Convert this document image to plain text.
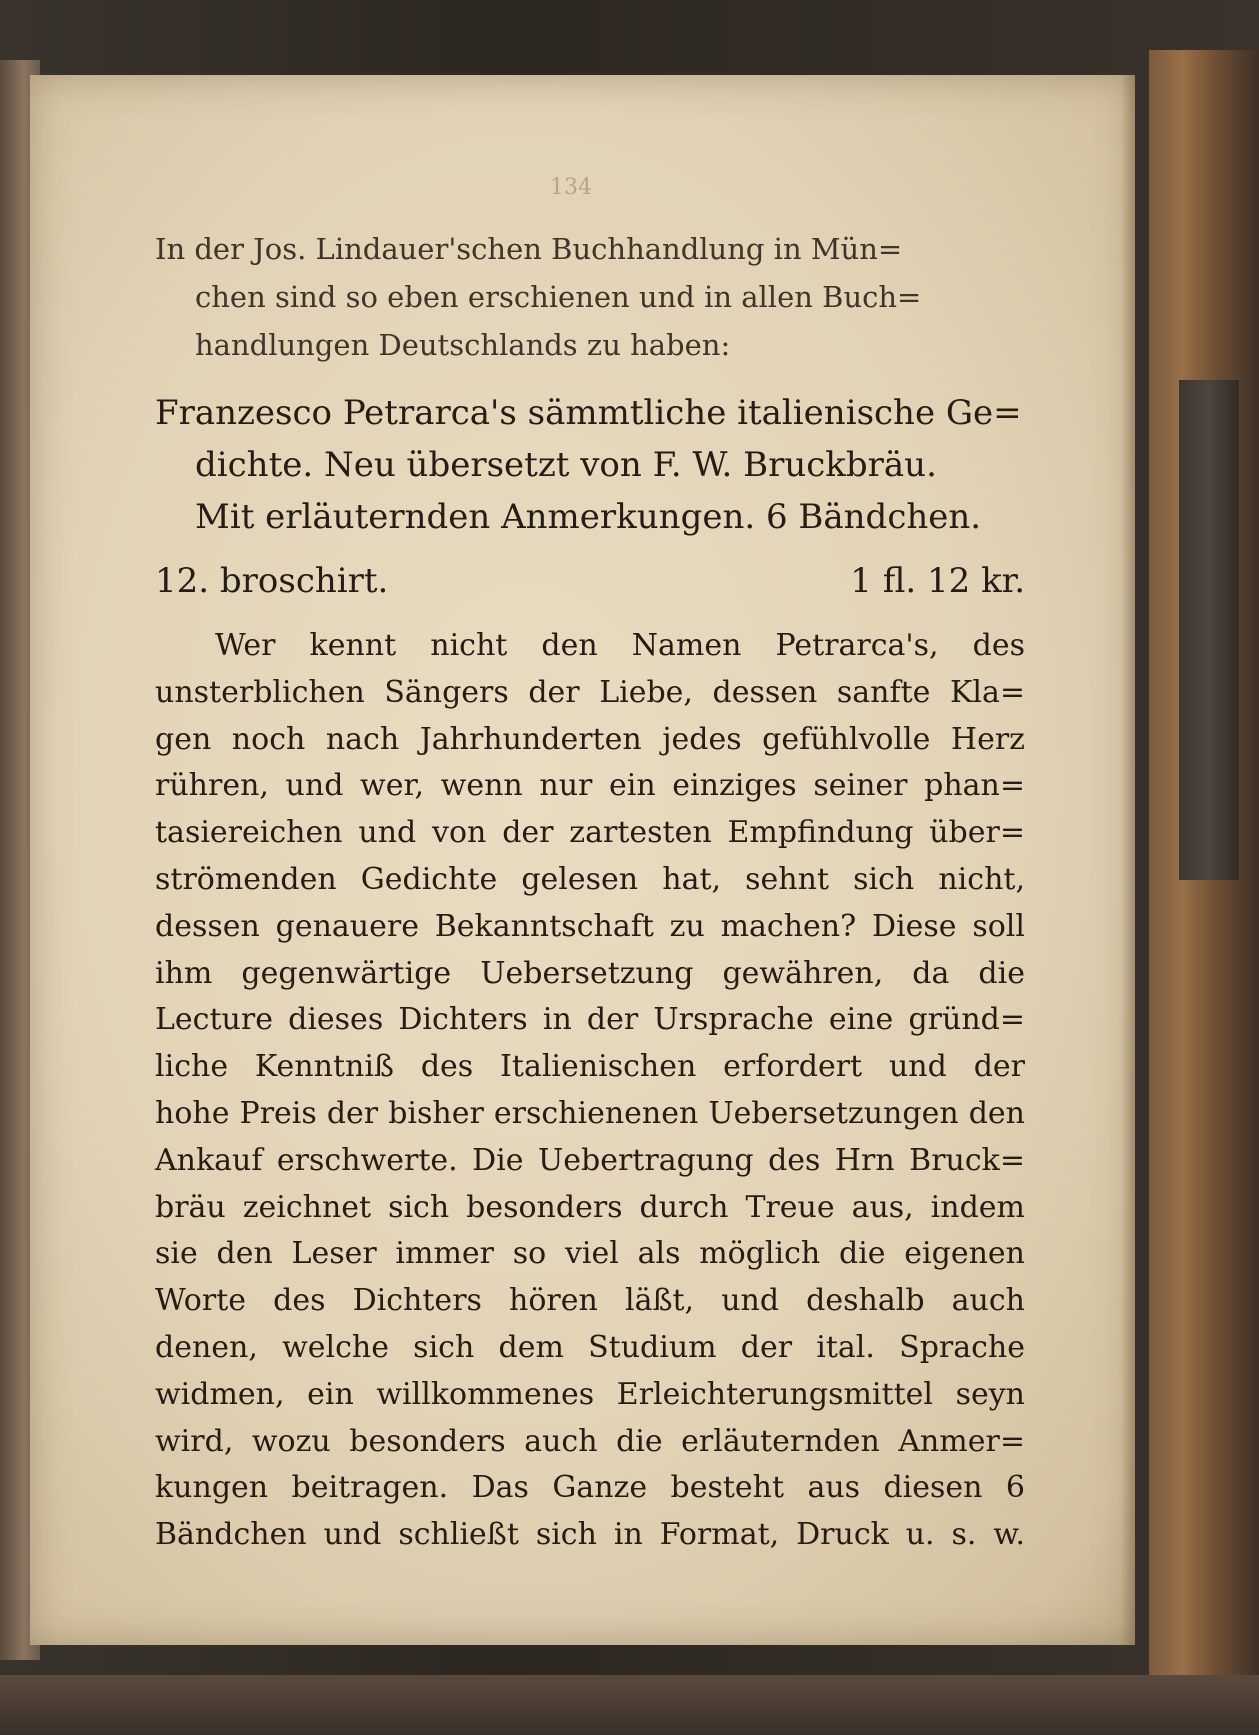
134

In der Jos. Lindauer'schen Buchhandlung in Mün=
chen sind so eben erschienen und in allen Buch=
handlungen Deutschlands zu haben:

Franzesco Petrarca's sämmtliche italienische Ge=
dichte. Neu übersetzt von F. W. Bruckbräu.
Mit erläuternden Anmerkungen. 6 Bändchen.

12. broschirt.	1 fl. 12 kr.
Wer kennt nicht den Namen Petrarca's, des
unsterblichen Sängers der Liebe, dessen sanfte Kla=
gen noch nach Jahrhunderten jedes gefühlvolle Herz
rühren, und wer, wenn nur ein einziges seiner phan=
tasiereichen und von der zartesten Empfindung über=
strömenden Gedichte gelesen hat, sehnt sich nicht,
dessen genauere Bekanntschaft zu machen? Diese soll
ihm gegenwärtige Uebersetzung gewähren, da die
Lecture dieses Dichters in der Ursprache eine gründ=
liche Kenntniß des Italienischen erfordert und der
hohe Preis der bisher erschienenen Uebersetzungen den
Ankauf erschwerte. Die Uebertragung des Hrn Bruck=
bräu zeichnet sich besonders durch Treue aus, indem
sie den Leser immer so viel als möglich die eigenen
Worte des Dichters hören läßt, und deshalb auch
denen, welche sich dem Studium der ital. Sprache
widmen, ein willkommenes Erleichterungsmittel seyn
wird, wozu besonders auch die erläuternden Anmer=
kungen beitragen. Das Ganze besteht aus diesen 6
Bändchen und schließt sich in Format, Druck u. s. w.
